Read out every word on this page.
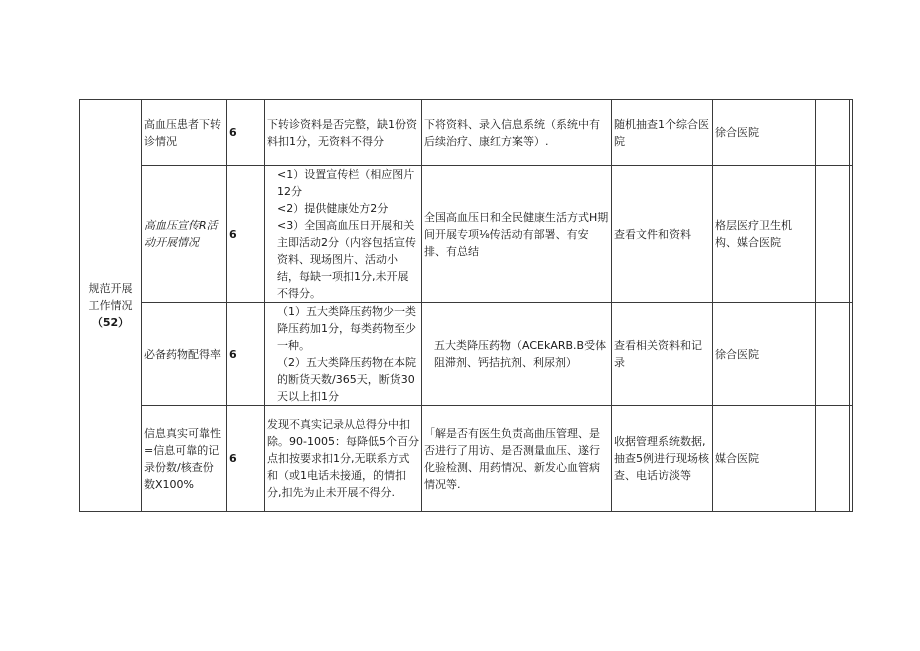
规范开展
工作情况
（52）	高血压患者下转诊情况	6	下转诊资料是否完整，缺1份资料扣1分，无资料不得分	下将资料、录入信息系统（系统中有后续治疗、康红方案等）.	随机抽查1个综合医院	徐合医院		
	高血压宣传R活动开展情况	6	<1）设置宣传栏（相应图片12分
<2）提供健康处方2分
<3）全国高血压日开展和关主即活动2分（内容包括宣传资料、现场图片、活动小结，每缺一项扣1分,未开展不得分。	全国高血压日和全民健康生活方式H期间开展专项⅛传活动有部署、有安排、有总结	查看文件和资料	格层医疗卫生机构、媒合医院		
	必备药物配得率	6	（1）五大类降压药物少一类降压药加1分，每类药物至少一种。
（2）五大类降压药物在本院的断货天数/365天，断货30天以上扣1分	五大类降压药物（ACEkARB.B受体阻滞剂、钙拮抗剂、利尿剂）	查看相关资料和记录	徐合医院		
	信息真实可靠性=信息可靠的记录份数/核查份数X100%	6	发现不真实记录从总得分中扣除。90-1005：每降低5个百分点扣按要求扣1分,无联系方式和（或1电话未接通，的情扣分,扣先为止未开展不得分.	「解是否有医生负责高曲压管理、是否进行了用访、是否测量血压、遂行化验检测、用药情况、新发心血管病情况等.	收据管理系统数据,抽查5例进行现场核查、电话访淡等	媒合医院		
